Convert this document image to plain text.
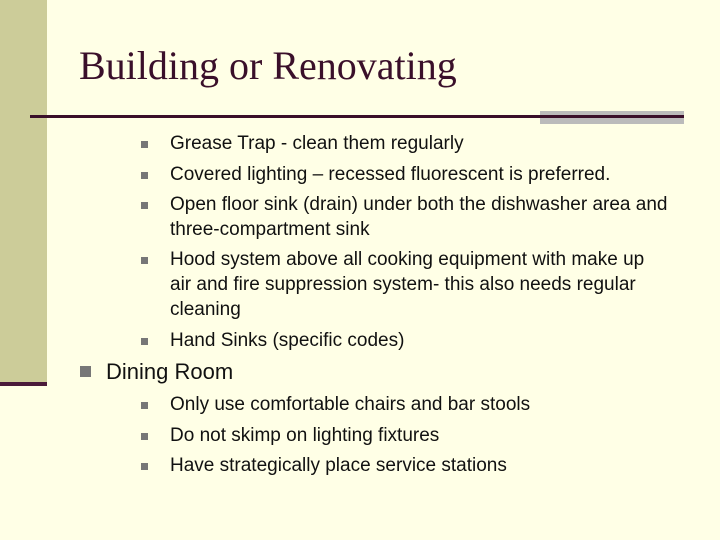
Building or Renovating
Grease Trap - clean them regularly
Covered lighting – recessed fluorescent is preferred.
Open floor sink (drain) under both the dishwasher area and three-compartment sink
Hood system above all cooking equipment with make up air and fire suppression system- this also needs regular cleaning
Hand Sinks (specific codes)
Dining Room
Only use comfortable chairs and bar stools
Do not skimp on lighting fixtures
Have strategically place service stations
